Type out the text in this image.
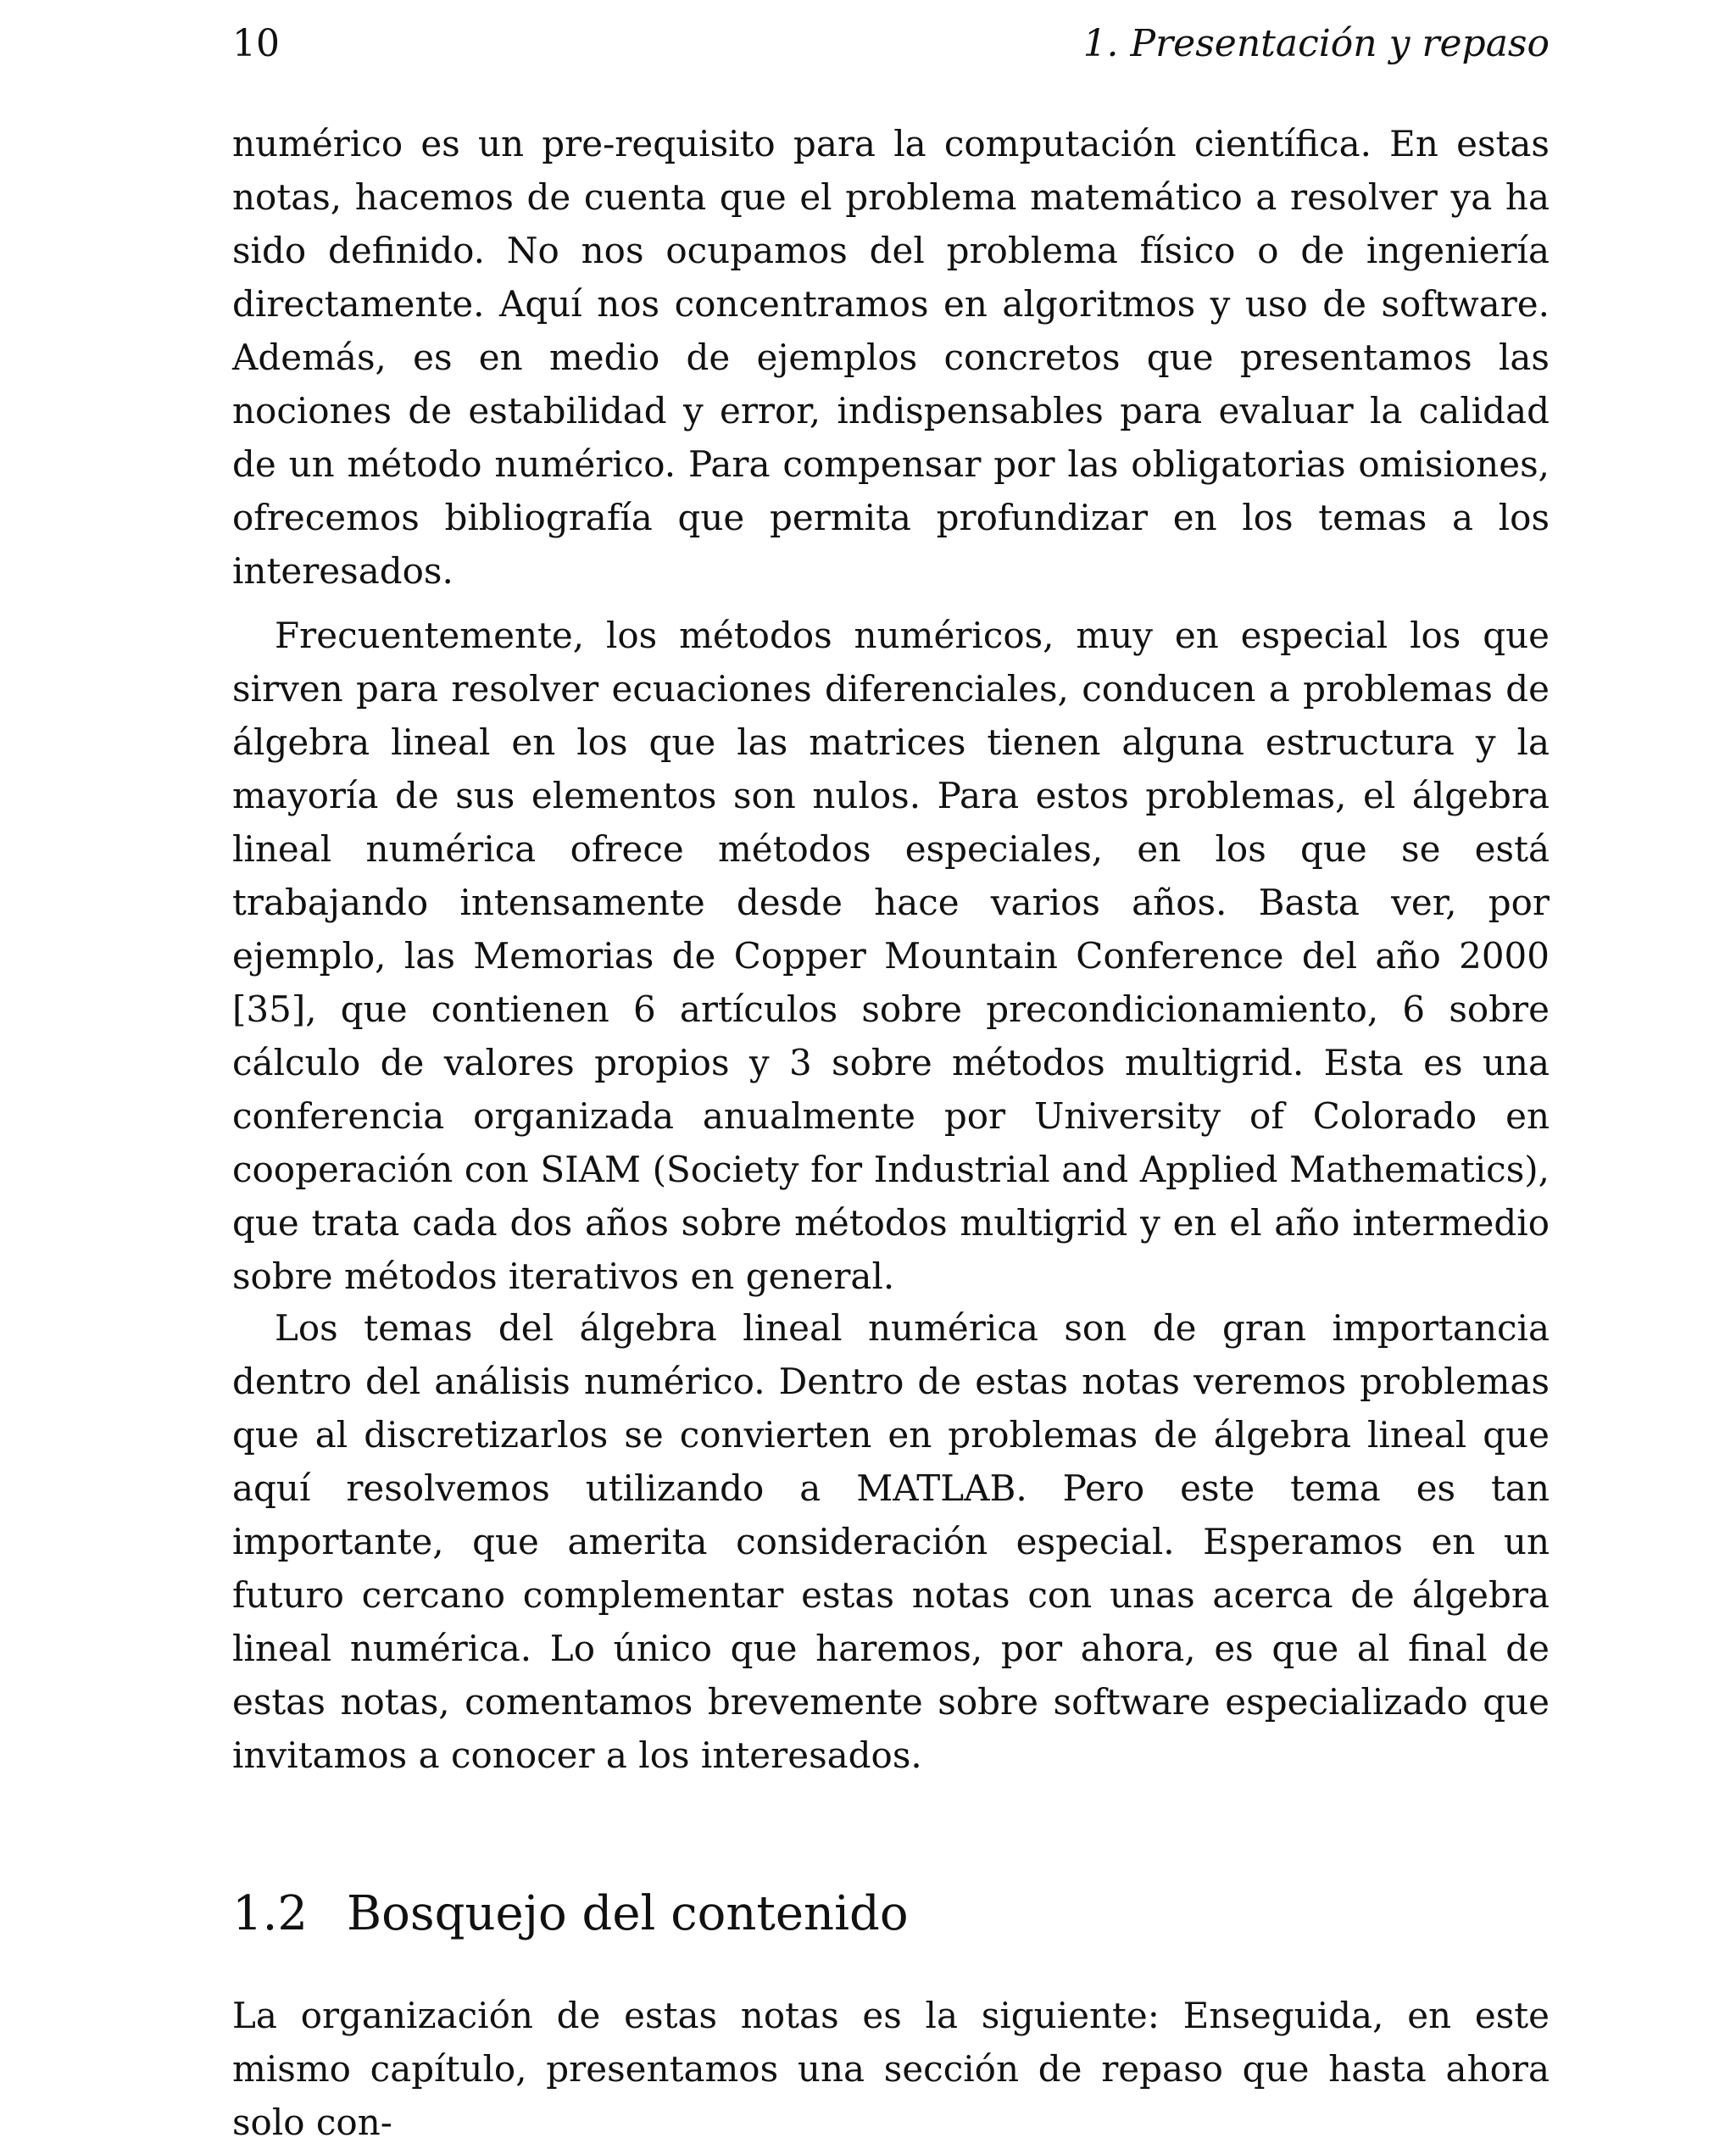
10	1. Presentación y repaso

numérico es un pre-requisito para la computación científica. En estas notas, hacemos de cuenta que el problema matemático a resolver ya ha sido definido. No nos ocupamos del problema físico o de ingeniería directamente. Aquí nos concentramos en algoritmos y uso de software. Además, es en medio de ejemplos concretos que presentamos las nociones de estabilidad y error, indispensables para evaluar la calidad de un método numérico. Para compensar por las obligatorias omisiones, ofrecemos bibliografía que permita profundizar en los temas a los interesados.

Frecuentemente, los métodos numéricos, muy en especial los que sirven para resolver ecuaciones diferenciales, conducen a problemas de álgebra lineal en los que las matrices tienen alguna estructura y la mayoría de sus elementos son nulos. Para estos problemas, el álgebra lineal numérica ofrece métodos especiales, en los que se está trabajando intensamente desde hace varios años. Basta ver, por ejemplo, las Memorias de Copper Mountain Conference del año 2000 [35], que contienen 6 artículos sobre precondicionamiento, 6 sobre cálculo de valores propios y 3 sobre métodos multigrid. Esta es una conferencia organizada anualmente por University of Colorado en cooperación con SIAM (Society for Industrial and Applied Mathematics), que trata cada dos años sobre métodos multigrid y en el año intermedio sobre métodos iterativos en general.

Los temas del álgebra lineal numérica son de gran importancia dentro del análisis numérico. Dentro de estas notas veremos problemas que al discretizarlos se convierten en problemas de álgebra lineal que aquí resolvemos utilizando a MATLAB. Pero este tema es tan importante, que amerita consideración especial. Esperamos en un futuro cercano complementar estas notas con unas acerca de álgebra lineal numérica. Lo único que haremos, por ahora, es que al final de estas notas, comentamos brevemente sobre software especializado que invitamos a conocer a los interesados.

1.2 Bosquejo del contenido

La organización de estas notas es la siguiente: Enseguida, en este mismo capítulo, presentamos una sección de repaso que hasta ahora solo con-
